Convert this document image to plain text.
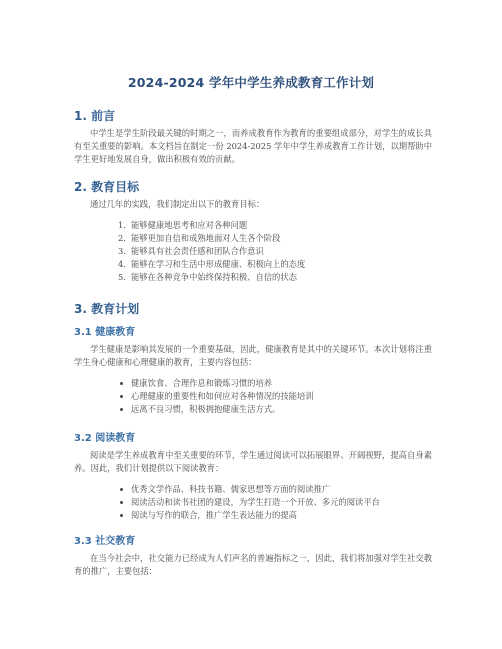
2024-2024 学年中学生养成教育工作计划
1. 前言

中学生是学生阶段最关键的时期之一，而养成教育作为教育的重要组成部分，对学生的成长具有至关重要的影响。本文档旨在制定一份 2024-2025 学年中学生养成教育工作计划，以期帮助中学生更好地发展自身，做出积极有效的贡献。

2. 教育目标

通过几年的实践，我们制定出以下的教育目标：

1. 能够健康地思考和应对各种问题
2. 能够更加自信和成熟地面对人生各个阶段
3. 能够具有社会责任感和团队合作意识
4. 能够在学习和生活中形成健康、积极向上的态度
5. 能够在各种竞争中始终保持积极、自信的状态
3. 教育计划
3.1 健康教育

学生健康是影响其发展的一个重要基础，因此，健康教育是其中的关键环节。本次计划将注重学生身心健康和心理健康的教育，主要内容包括：

健康饮食、合理作息和锻炼习惯的培养
心理健康的重要性和如何应对各种情况的技能培训
远离不良习惯，积极拥抱健康生活方式。
3.2 阅读教育

阅读是学生养成教育中至关重要的环节，学生通过阅读可以拓展眼界、开阔视野，提高自身素养。因此，我们计划提供以下阅读教育：

优秀文学作品、科技书籍、儒家思想等方面的阅读推广
阅读活动和读书社团的建设，为学生打造一个开放、多元的阅读平台
阅读与写作的联合，推广学生表达能力的提高
3.3 社交教育

在当今社会中，社交能力已经成为人们声名的普遍指标之一，因此，我们将加强对学生社交教育的推广，主要包括：
